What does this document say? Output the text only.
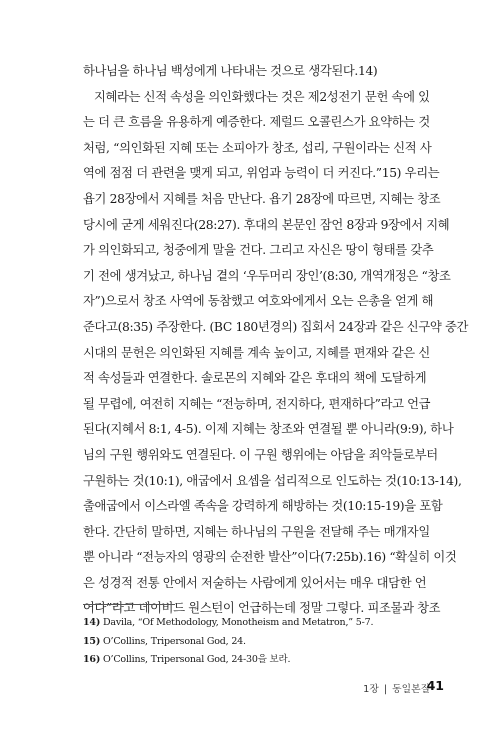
하나님을 하나님 백성에게 나타내는 것으로 생각된다.14)
지혜라는 신적 속성을 의인화했다는 것은 제2성전기 문헌 속에 있
는 더 큰 흐름을 유용하게 예증한다. 제럴드 오콜린스가 요약하는 것
처럼, “의인화된 지혜 또는 소피아가 창조, 섭리, 구원이라는 신적 사
역에 점점 더 관련을 맺게 되고, 위엄과 능력이 더 커진다.”15) 우리는
욥기 28장에서 지혜를 처음 만난다. 욥기 28장에 따르면, 지혜는 창조
당시에 굳게 세워진다(28:27). 후대의 본문인 잠언 8장과 9장에서 지혜
가 의인화되고, 청중에게 말을 건다. 그리고 자신은 땅이 형태를 갖추
기 전에 생겨났고, 하나님 곁의 ‘우두머리 장인’(8:30, 개역개정은 “창조
자”)으로서 창조 사역에 동참했고 여호와에게서 오는 은총을 얻게 해
준다고(8:35) 주장한다. (BC 180년경의) 집회서 24장과 같은 신구약 중간
시대의 문헌은 의인화된 지혜를 계속 높이고, 지혜를 편재와 같은 신
적 속성들과 연결한다. 솔로몬의 지혜와 같은 후대의 책에 도달하게
될 무렵에, 여전히 지혜는 “전능하며, 전지하다, 편재하다”라고 언급
된다(지혜서 8:1, 4-5). 이제 지혜는 창조와 연결될 뿐 아니라(9:9), 하나
님의 구원 행위와도 연결된다. 이 구원 행위에는 아담을 죄악들로부터
구원하는 것(10:1), 애굽에서 요셉을 섭리적으로 인도하는 것(10:13-14),
출애굽에서 이스라엘 족속을 강력하게 해방하는 것(10:15-19)을 포함
한다. 간단히 말하면, 지혜는 하나님의 구원을 전달해 주는 매개자일
뿐 아니라 “전능자의 영광의 순전한 발산”이다(7:25b).16) “확실히 이것
은 성경적 전통 안에서 저술하는 사람에게 있어서는 매우 대담한 언
어다”라고 데이비드 원스턴이 언급하는데 정말 그렇다. 피조물과 창조
14) Davila, “Of Methodology, Monotheism and Metatron,” 5-7.
15) O’Collins, Tripersonal God, 24.
16) O’Collins, Tripersonal God, 24-30을 보라.
1장 | 동일본질
41
